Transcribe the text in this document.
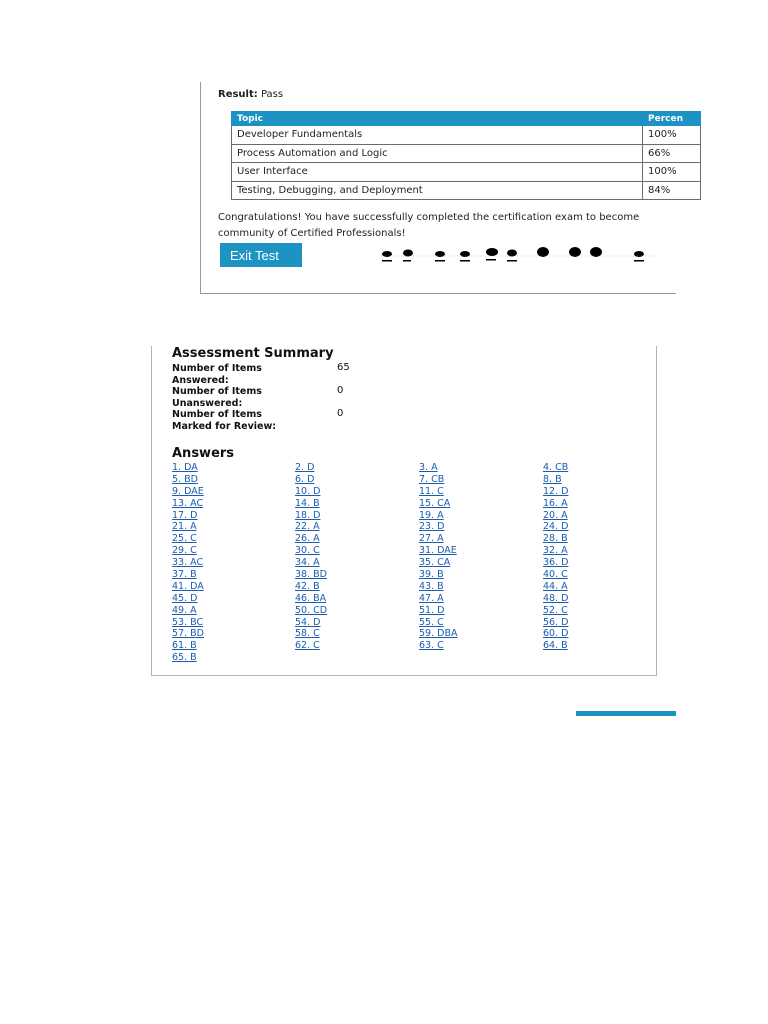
Result: Pass
Topic	Percen
Developer Fundamentals	100%
Process Automation and Logic	66%
User Interface	100%
Testing, Debugging, and Deployment	84%
Congratulations! You have successfully completed the certification exam to become
community of Certified Professionals!
Exit Test
Assessment Summary
Number of Items
Answered:
65
Number of Items
Unanswered:
0
Number of Items
Marked for Review:
0
Answers
1. DA	2. D	3. A	4. CB
5. BD	6. D	7. CB	8. B
9. DAE	10. D	11. C	12. D
13. AC	14. B	15. CA	16. A
17. D	18. D	19. A	20. A
21. A	22. A	23. D	24. D
25. C	26. A	27. A	28. B
29. C	30. C	31. DAE	32. A
33. AC	34. A	35. CA	36. D
37. B	38. BD	39. B	40. C
41. DA	42. B	43. B	44. A
45. D	46. BA	47. A	48. D
49. A	50. CD	51. D	52. C
53. BC	54. D	55. C	56. D
57. BD	58. C	59. DBA	60. D
61. B	62. C	63. C	64. B
65. B
